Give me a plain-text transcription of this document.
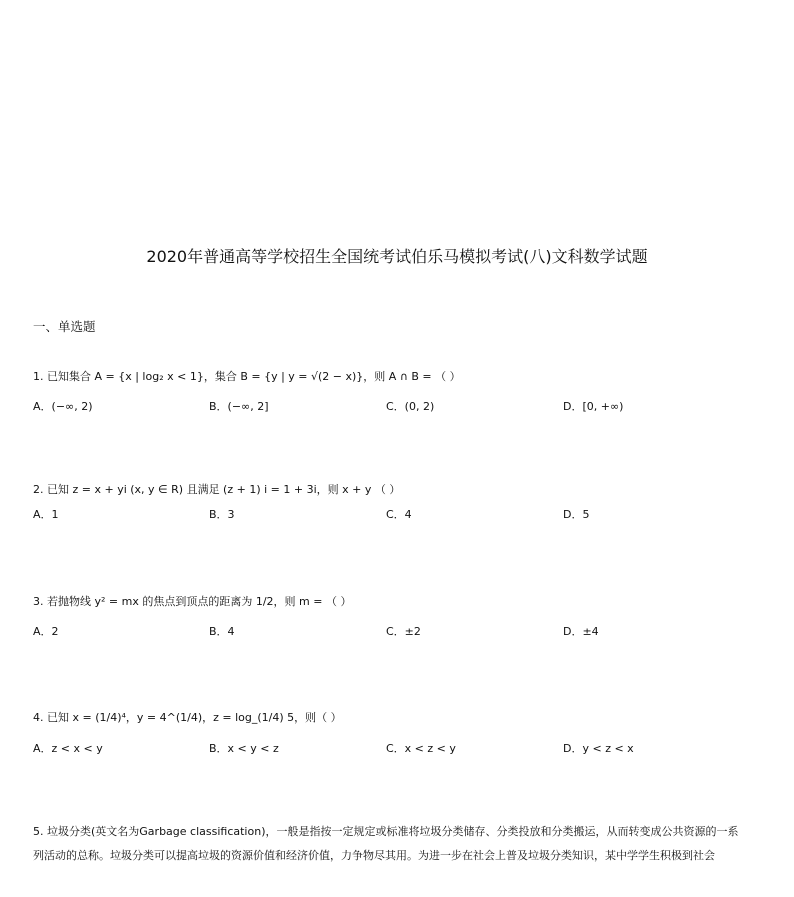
2020年普通高等学校招生全国统考试伯乐马模拟考试(八)文科数学试题
一、单选题
1. 已知集合 A = {x | log₂ x < 1}，集合 B = {y | y = √(2 − x)}，则 A ∩ B = （ ）
A．(−∞, 2)	B．(−∞, 2]	C．(0, 2)	D．[0, +∞)
2. 已知 z = x + yi (x, y ∈ R) 且满足 (z + 1) i = 1 + 3i，则 x + y （ ）
A．1	B．3	C．4	D．5
3. 若抛物线 y² = mx 的焦点到顶点的距离为 1/2，则 m = （ ）
A．2	B．4	C．±2	D．±4
4. 已知 x = (1/4)⁴，y = 4^(1/4)，z = log_(1/4) 5，则（ ）
A．z < x < y	B．x < y < z	C．x < z < y	D．y < z < x
5. 垃圾分类(英文名为Garbage classification)，一般是指按一定规定或标准将垃圾分类储存、分类投放和分类搬运，从而转变成公共资源的一系
列活动的总称。垃圾分类可以提高垃圾的资源价值和经济价值，力争物尽其用。为进一步在社会上普及垃圾分类知识，某中学学生积极到社会
